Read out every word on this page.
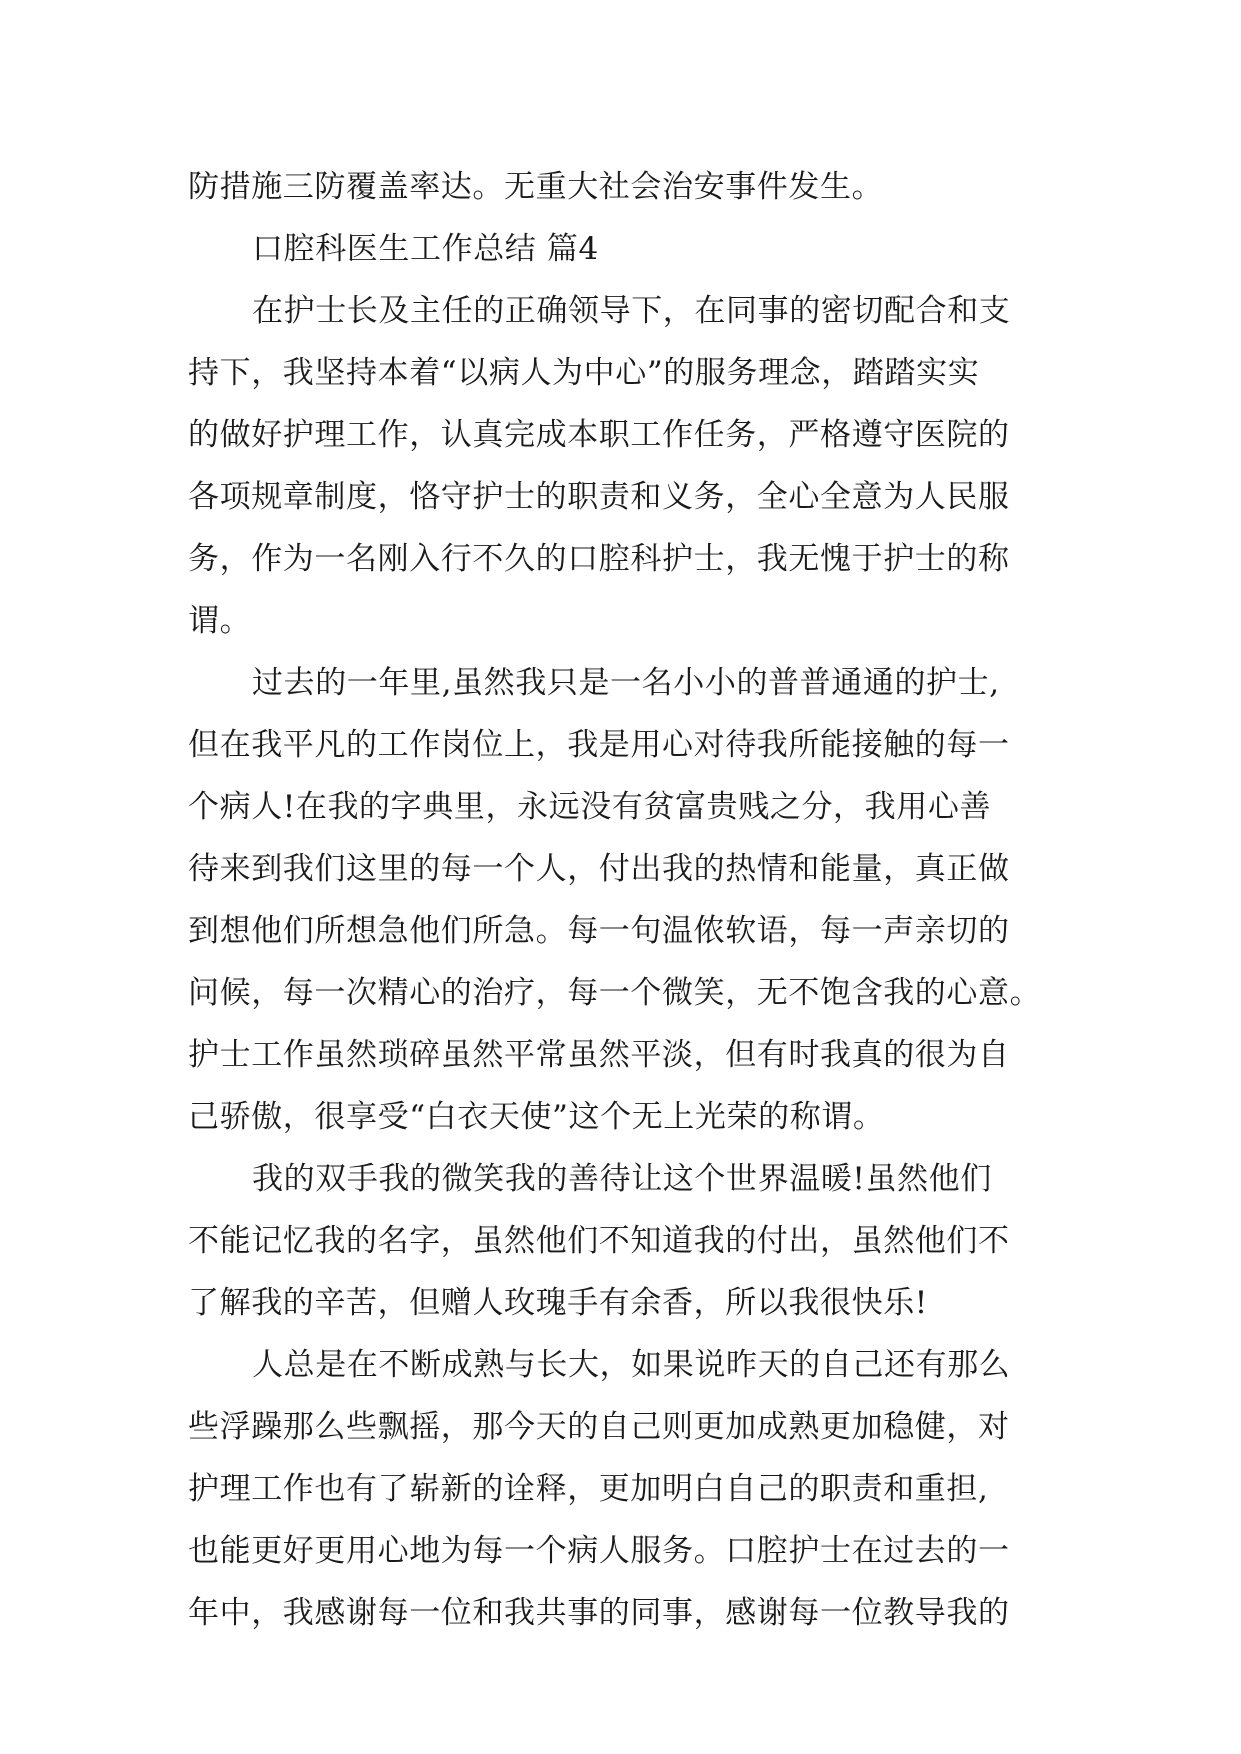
防措施三防覆盖率达。无重大社会治安事件发生。
口腔科医生工作总结 篇4
在护士长及主任的正确领导下，在同事的密切配合和支
持下，我坚持本着“以病人为中心”的服务理念，踏踏实实
的做好护理工作，认真完成本职工作任务，严格遵守医院的
各项规章制度，恪守护士的职责和义务，全心全意为人民服
务，作为一名刚入行不久的口腔科护士，我无愧于护士的称
谓。
过去的一年里,虽然我只是一名小小的普普通通的护士,
但在我平凡的工作岗位上，我是用心对待我所能接触的每一
个病人!在我的字典里，永远没有贫富贵贱之分，我用心善
待来到我们这里的每一个人，付出我的热情和能量，真正做
到想他们所想急他们所急。每一句温侬软语，每一声亲切的
问候，每一次精心的治疗，每一个微笑，无不饱含我的心意。
护士工作虽然琐碎虽然平常虽然平淡，但有时我真的很为自
己骄傲，很享受“白衣天使”这个无上光荣的称谓。
我的双手我的微笑我的善待让这个世界温暖!虽然他们
不能记忆我的名字，虽然他们不知道我的付出，虽然他们不
了解我的辛苦，但赠人玫瑰手有余香，所以我很快乐!
人总是在不断成熟与长大，如果说昨天的自己还有那么
些浮躁那么些飘摇，那今天的自己则更加成熟更加稳健，对
护理工作也有了崭新的诠释，更加明白自己的职责和重担,
也能更好更用心地为每一个病人服务。口腔护士在过去的一
年中，我感谢每一位和我共事的同事，感谢每一位教导我的
